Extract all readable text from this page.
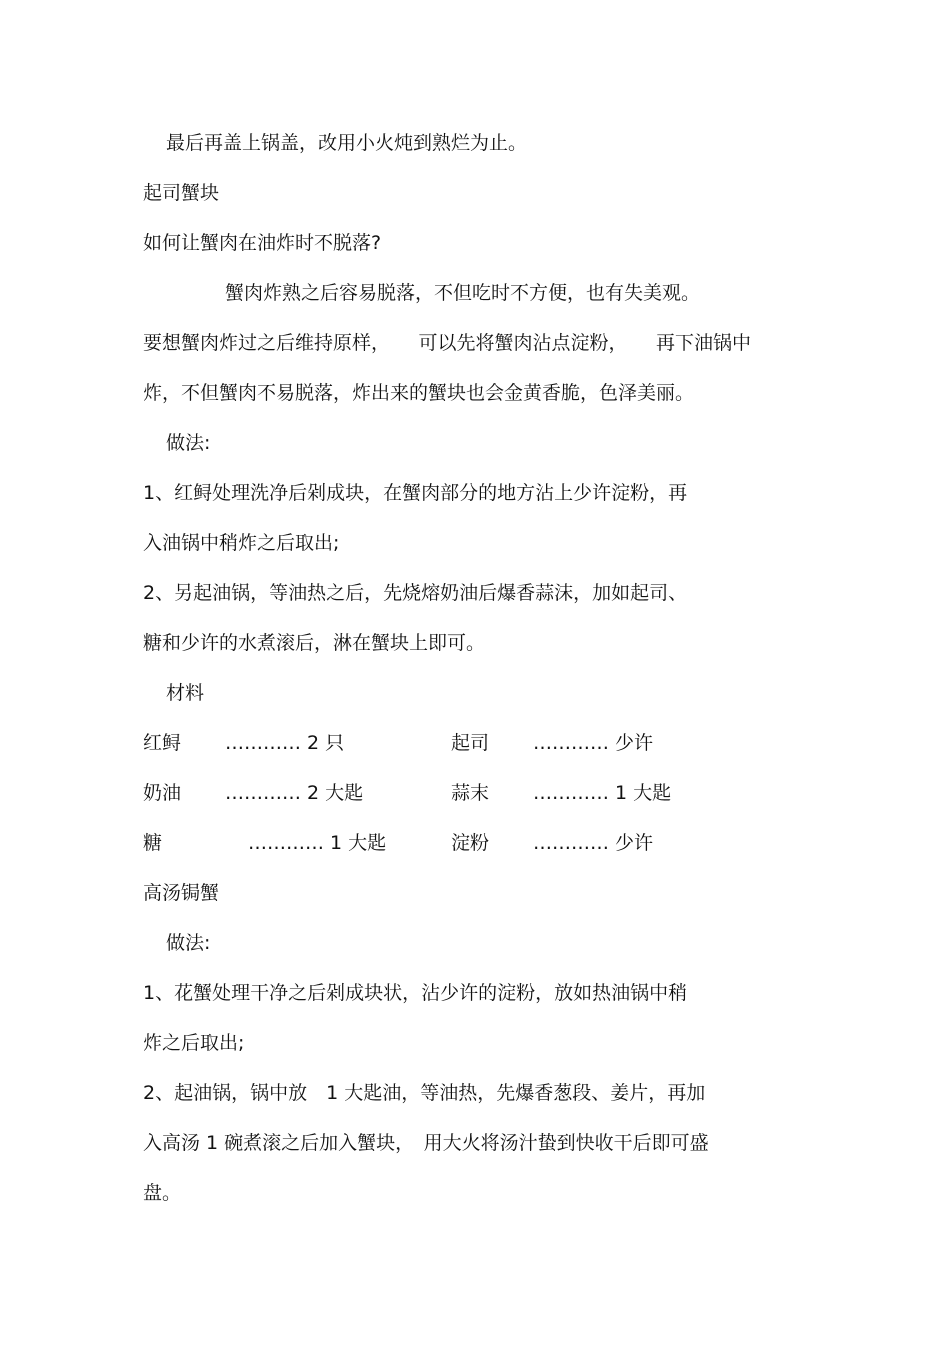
最后再盖上锅盖，改用小火炖到熟烂为止。
起司蟹块
如何让蟹肉在油炸时不脱落?
蟹肉炸熟之后容易脱落，不但吃时不方便，也有失美观。
要想蟹肉炸过之后维持原样，　　可以先将蟹肉沾点淀粉，　　再下油锅中
炸，不但蟹肉不易脱落，炸出来的蟹块也会金黄香脆，色泽美丽。
做法:
1、红鲟处理洗净后剁成块，在蟹肉部分的地方沾上少许淀粉，再
入油锅中稍炸之后取出;
2、另起油锅，等油热之后，先烧熔奶油后爆香蒜沫，加如起司、
糖和少许的水煮滚后，淋在蟹块上即可。
材料
红鲟 ………… 2 只	起司 ………… 少许
奶油 ………… 2 大匙	蒜末 ………… 1 大匙
糖	………… 1 大匙	淀粉 ………… 少许
高汤锔蟹
做法:
1、花蟹处理干净之后剁成块状，沾少许的淀粉，放如热油锅中稍
炸之后取出;
2、起油锅，锅中放　1 大匙油，等油热，先爆香葱段、姜片，再加
入高汤 1 碗煮滚之后加入蟹块，　用大火将汤汁蛰到快收干后即可盛
盘。
